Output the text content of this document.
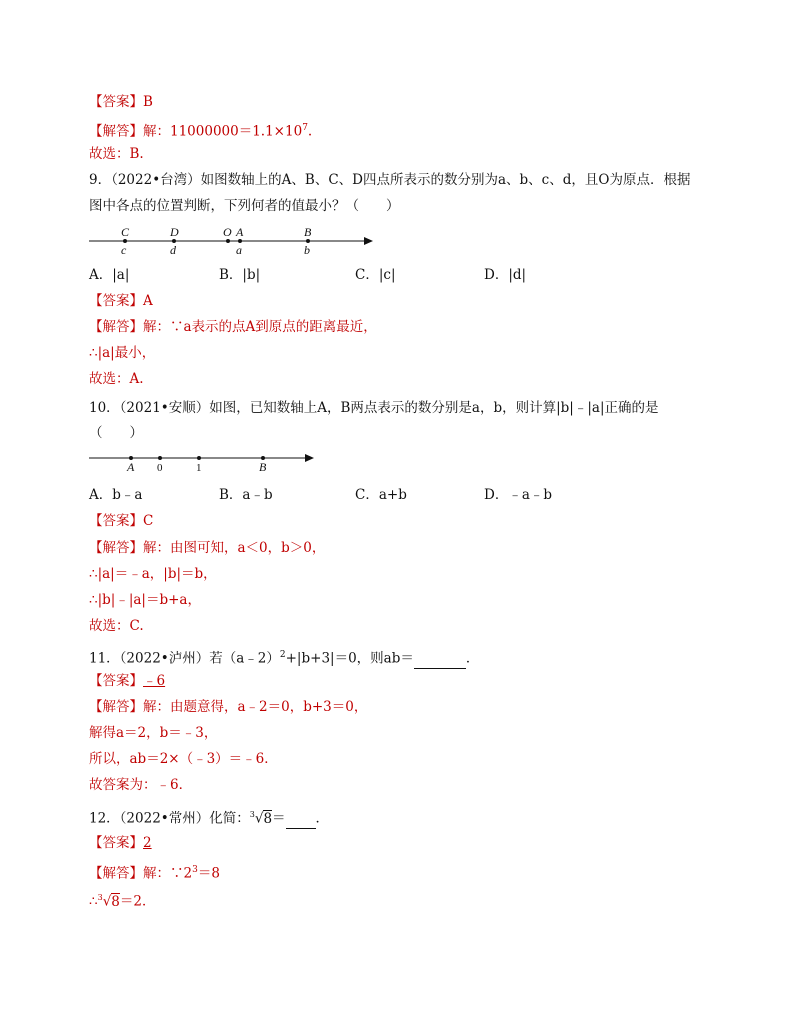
【答案】B
【解答】解：$11000000=1.1\times 10^7$.
故选：B.
9．（2022•台湾）如图数轴上的A、B、C、D四点所表示的数分别为a、b、c、d，且O为原点．根据
图中各点的位置判断，下列何者的值最小？（　　）
C
c
D
d
O A
a
B
b
A．|a|	B．|b|	C．|c|	D．|d|
【答案】A
【解答】解：∵a表示的点A到原点的距离最近，
∴|a|最小，
故选：A.
10．（2021•安顺）如图，已知数轴上A，B两点表示的数分别是a，b，则计算|b|﹣|a|正确的是
（　　）
A 0	1	B
A．b﹣a	B．a﹣b	C．a+b	D．﹣a﹣b
【答案】C
【解答】解：由图可知，a＜0，b＞0，
∴|a|＝﹣a，|b|＝b，
∴|b|﹣|a|＝b+a，
故选：C.
11．（2022•泸州）若（a﹣2）$^2$+|b+3|＝0，则ab＝	．
【答案】﹣6
【解答】解：由题意得，a﹣2＝0，b+3＝0，
解得a＝2，b＝﹣3，
所以，ab＝2×（﹣3）＝﹣6．
故答案为：﹣6．
12．（2022•常州）化简：$^3$√8＝ ．
【答案】2
【解答】解：$\because 2^3=8$
∴$^3$√8＝2．
